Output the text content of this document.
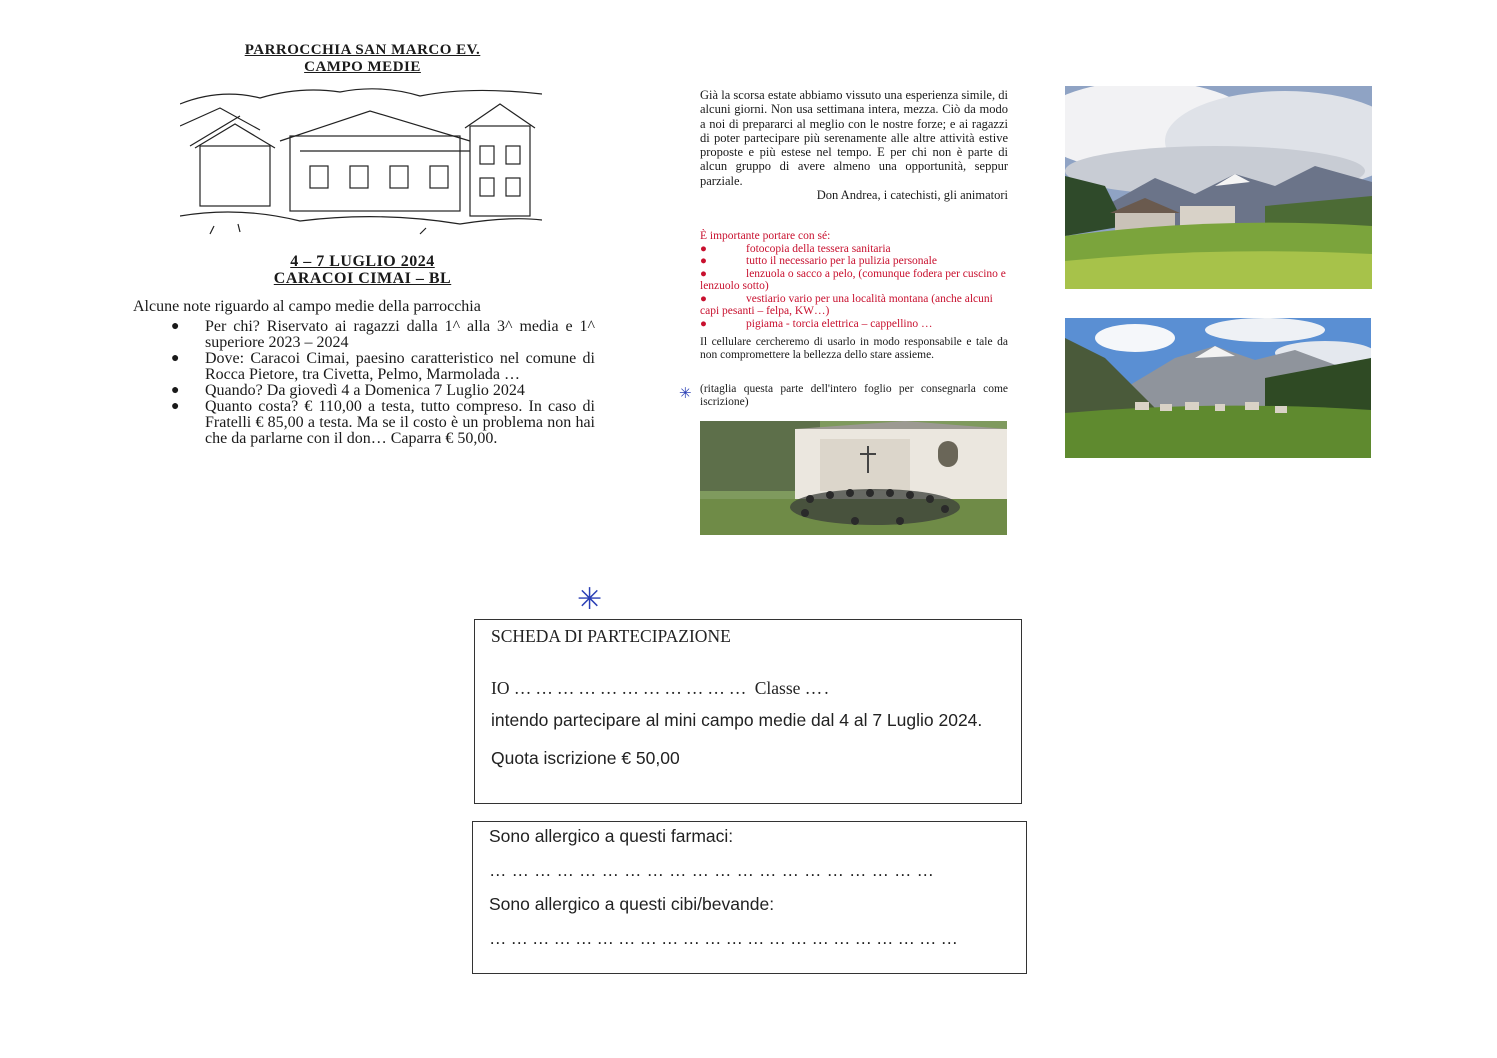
PARROCCHIA SAN MARCO EV.
CAMPO MEDIE
4 – 7 LUGLIO 2024
CARACOI CIMAI – BL
Alcune note riguardo al campo medie della parrocchia
● Per chi? Riservato ai ragazzi dalla 1^ alla 3^ media e 1^ superiore 2023 – 2024
● Dove: Caracoi Cimai, paesino caratteristico nel comune di Rocca Pietore, tra Civetta, Pelmo, Marmolada …
● Quando? Da giovedì 4 a Domenica 7 Luglio 2024
● Quanto costa? € 110,00 a testa, tutto compreso. In caso di Fratelli € 85,00 a testa. Ma se il costo è un problema non hai che da parlarne con il don… Caparra € 50,00.
Già la scorsa estate abbiamo vissuto una esperienza simile, di alcuni giorni. Non usa settimana intera, mezza. Ciò da modo a noi di prepararci al meglio con le nostre forze; e ai ragazzi di poter partecipare più serenamente alle altre attività estive proposte e più estese nel tempo. E per chi non è parte di alcun gruppo di avere almeno una opportunità, seppur parziale.
Don Andrea, i catechisti, gli animatori
È importante portare con sé:
●	fotocopia della tessera sanitaria
●	tutto il necessario per la pulizia personale
●	lenzuola o sacco a pelo, (comunque fodera per cuscino e lenzuolo sotto)
●	vestiario vario per una località montana (anche alcuni capi pesanti – felpa, KW…)
●	pigiama - torcia elettrica – cappellino …
Il cellulare cercheremo di usarlo in modo responsabile e tale da non compromettere la bellezza dello stare assieme.
✳ (ritaglia questa parte dell'intero foglio per consegnarla come iscrizione)
✳
SCHEDA DI PARTECIPAZIONE
IO …………………………… Classe ….
intendo partecipare al mini campo medie dal 4 al 7 Luglio 2024.
Quota iscrizione € 50,00
Sono allergico a questi farmaci:
……………………………………………………
Sono allergico a questi cibi/bevande:
…………………………………………………………
